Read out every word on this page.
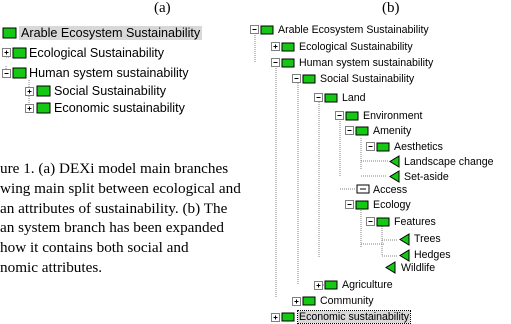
(a)	(b)
Arable Ecosystem Sustainability
Ecological Sustainability
Human system sustainability
Social Sustainability
Economic sustainability
ure 1. (a) DEXi model main branches
wing main split between ecological and
an attributes of sustainability. (b) The
an system branch has been expanded
how it contains both social and
nomic attributes.
Arable Ecosystem Sustainability
Ecological Sustainability
Human system sustainability
Social Sustainability
Land
Environment
Amenity
Aesthetics
Landscape change
Set-aside
Access
Ecology
Features
Trees
Hedges
Wildlife
Agriculture
Community
Economic sustainability
